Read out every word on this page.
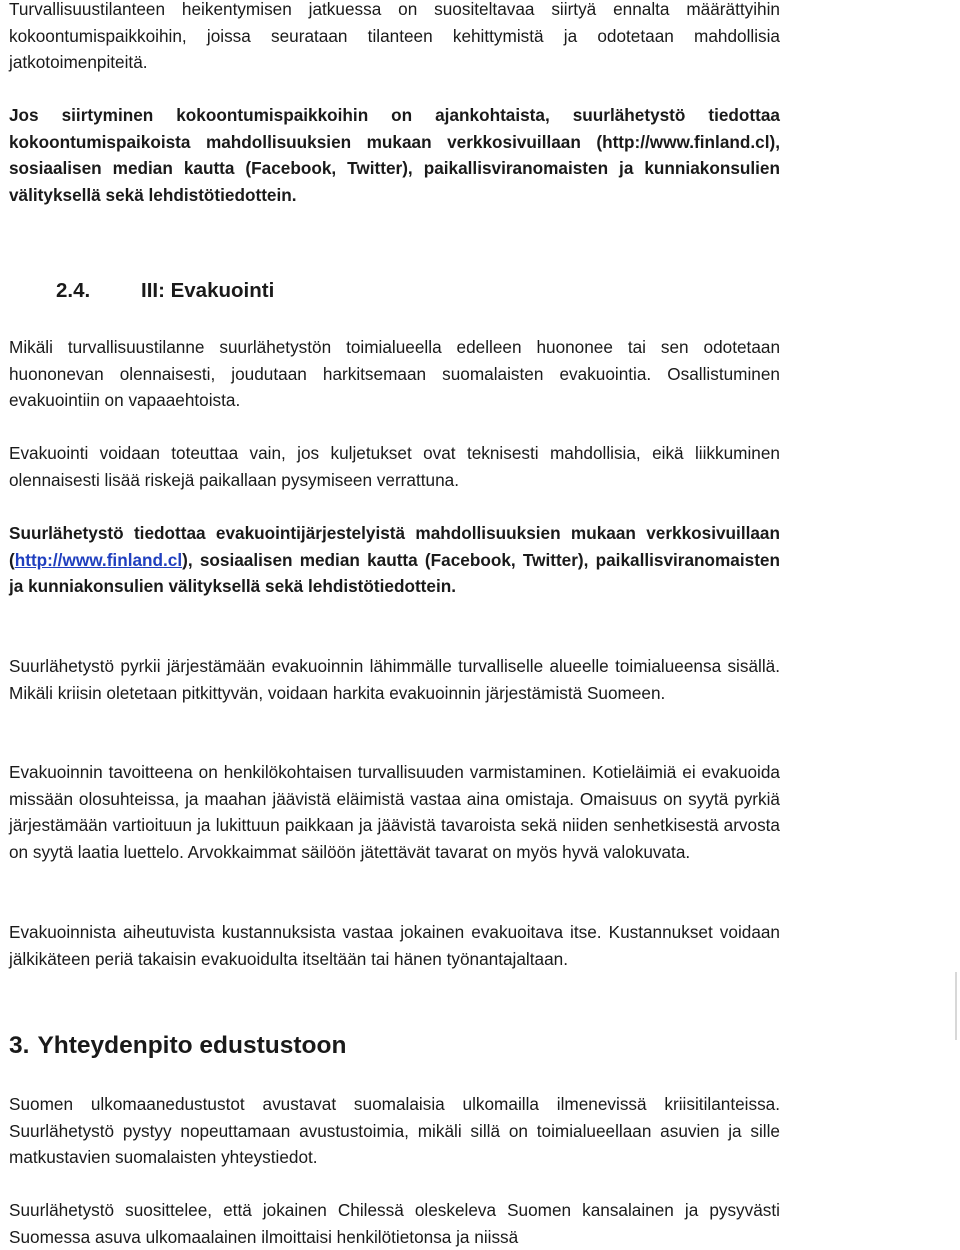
Turvallisuustilanteen heikentymisen jatkuessa on suositeltavaa siirtyä ennalta määrättyihin kokoontumispaikkoihin, joissa seurataan tilanteen kehittymistä ja odotetaan mahdollisia jatkotoimenpiteitä.

Jos siirtyminen kokoontumispaikkoihin on ajankohtaista, suurlähetystö tiedottaa kokoontumispaikoista mahdollisuuksien mukaan verkkosivuillaan (http://www.finland.cl), sosiaalisen median kautta (Facebook, Twitter), paikallisviranomaisten ja kunniakonsulien välityksellä sekä lehdistötiedottein.

2.4. III: Evakuointi

Mikäli turvallisuustilanne suurlähetystön toimialueella edelleen huononee tai sen odotetaan huononevan olennaisesti, joudutaan harkitsemaan suomalaisten evakuointia. Osallistuminen evakuointiin on vapaaehtoista.

Evakuointi voidaan toteuttaa vain, jos kuljetukset ovat teknisesti mahdollisia, eikä liikkuminen olennaisesti lisää riskejä paikallaan pysymiseen verrattuna.

Suurlähetystö tiedottaa evakuointijärjestelyistä mahdollisuuksien mukaan verkkosivuillaan (http://www.finland.cl), sosiaalisen median kautta (Facebook, Twitter), paikallisviranomaisten ja kunniakonsulien välityksellä sekä lehdistötiedottein.

Suurlähetystö pyrkii järjestämään evakuoinnin lähimmälle turvalliselle alueelle toimialueensa sisällä. Mikäli kriisin oletetaan pitkittyvän, voidaan harkita evakuoinnin järjestämistä Suomeen.

Evakuoinnin tavoitteena on henkilökohtaisen turvallisuuden varmistaminen. Kotieläimiä ei evakuoida missään olosuhteissa, ja maahan jäävistä eläimistä vastaa aina omistaja. Omaisuus on syytä pyrkiä järjestämään vartioituun ja lukittuun paikkaan ja jäävistä tavaroista sekä niiden senhetkisestä arvosta on syytä laatia luettelo. Arvokkaimmat säilöön jätettävät tavarat on myös hyvä valokuvata.

Evakuoinnista aiheutuvista kustannuksista vastaa jokainen evakuoitava itse. Kustannukset voidaan jälkikäteen periä takaisin evakuoidulta itseltään tai hänen työnantajaltaan.

3. Yhteydenpito edustustoon

Suomen ulkomaanedustustot avustavat suomalaisia ulkomailla ilmenevissä kriisitilanteissa. Suurlähetystö pystyy nopeuttamaan avustustoimia, mikäli sillä on toimialueellaan asuvien ja sille matkustavien suomalaisten yhteystiedot.

Suurlähetystö suosittelee, että jokainen Chilessä oleskeleva Suomen kansalainen ja pysyvästi Suomessa asuva ulkomaalainen ilmoittaisi henkilötietonsa ja niissä
